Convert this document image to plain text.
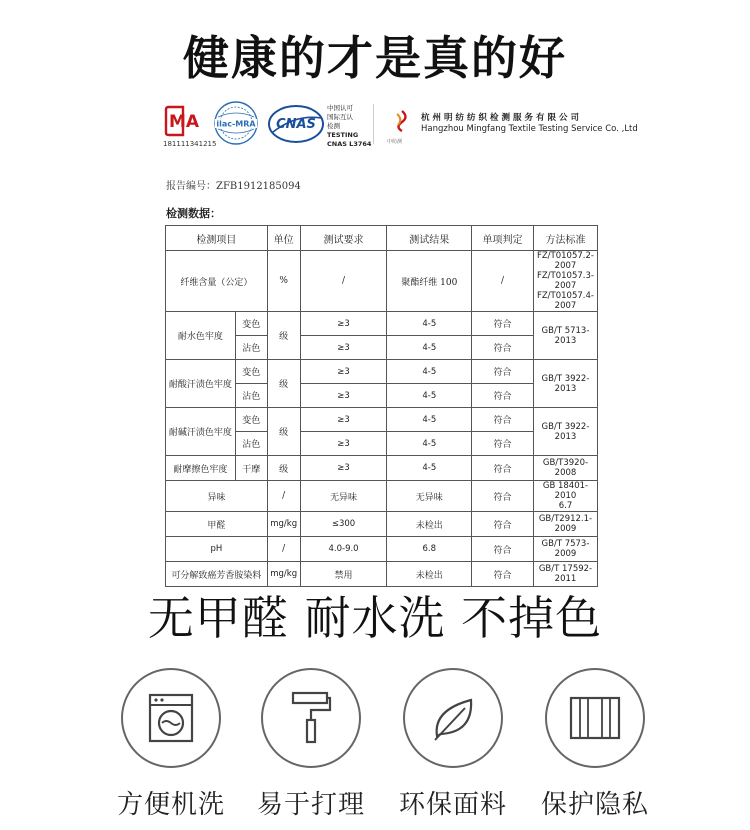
健康的才是真的好
MA
181111341215
ilac-MRA CNAS
中国认可
国际互认
检测
TESTING
CNAS L3764	中纺测
杭州明纺纺织检测服务有限公司
Hangzhou Mingfang Textile Testing Service Co. ,Ltd
报告编号：ZFB1912185094
检测数据：
检测项目		单位	测试要求	测试结果	单项判定	方法标准
纤维含量（公定）		%	/	聚酯纤维 100	/	FZ/T01057.2-2007
FZ/T01057.3-2007
FZ/T01057.4-2007

耐水色牢度	变色	级	≥3	4-5	符合	GB/T 5713-2013
	沾色		≥3	4-5	符合	
耐酸汗渍色牢度	变色	级	≥3	4-5	符合	GB/T 3922-2013
	沾色		≥3	4-5	符合	
耐碱汗渍色牢度	变色	级	≥3	4-5	符合	GB/T 3922-2013
	沾色		≥3	4-5	符合	
耐摩擦色牢度	干摩	级	≥3	4-5	符合	GB/T3920-2008
异味		/	无异味	无异味	符合	GB 18401-2010
6.7

甲醛		mg/kg	≤300	未检出	符合	GB/T2912.1-2009
pH		/	4.0-9.0	6.8	符合	GB/T 7573-2009
可分解致癌芳香胺染料		mg/kg	禁用	未检出	符合	GB/T 17592-2011
无甲醛 耐水洗 不掉色
方便机洗	易于打理	环保面料	保护隐私
